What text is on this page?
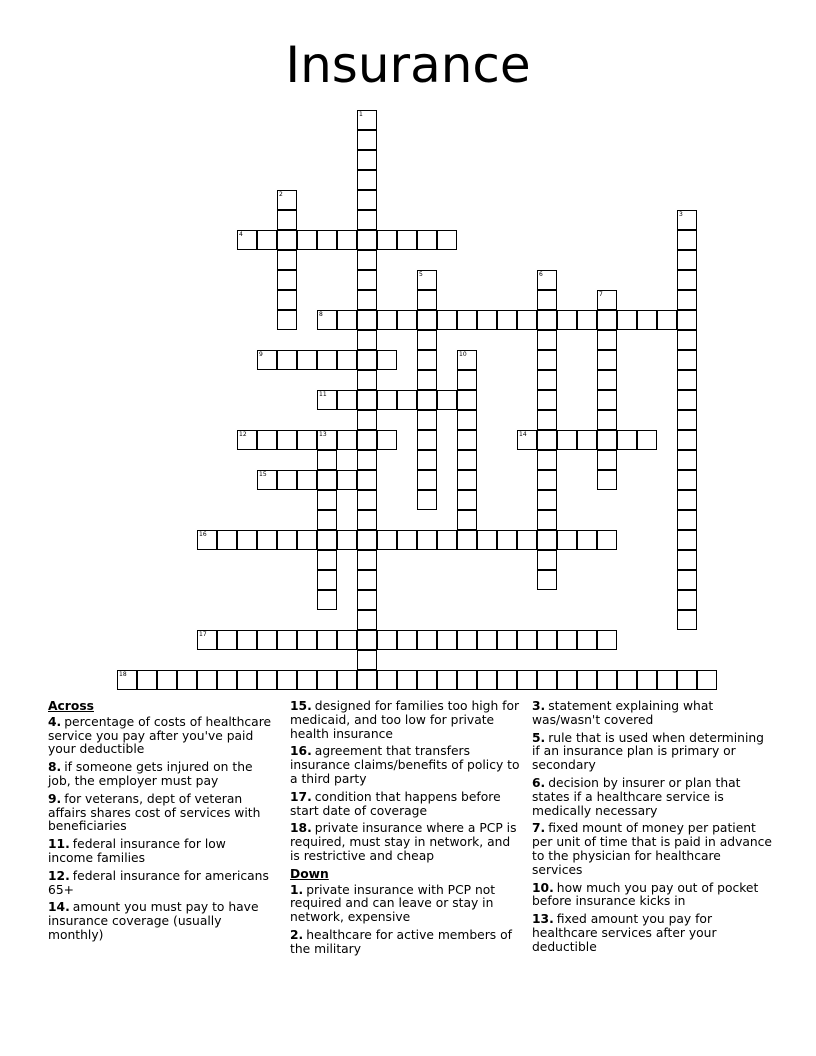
Insurance
1
2
3
4
5	6
7
8
9	10
11
12	13	14
15
16
17
18
Across
4. percentage of costs of healthcare service you pay after you've paid your deductible
8. if someone gets injured on the job, the employer must pay
9. for veterans, dept of veteran affairs shares cost of services with beneficiaries
11. federal insurance for low income families
12. federal insurance for americans 65+
14. amount you must pay to have insurance coverage (usually monthly)
15. designed for families too high for medicaid, and too low for private health insurance
16. agreement that transfers insurance claims/benefits of policy to a third party
17. condition that happens before start date of coverage
18. private insurance where a PCP is required, must stay in network, and is restrictive and cheap
Down
1. private insurance with PCP not required and can leave or stay in network, expensive
2. healthcare for active members of the military
3. statement explaining what was/wasn't covered
5. rule that is used when determining if an insurance plan is primary or secondary
6. decision by insurer or plan that states if a healthcare service is medically necessary
7. fixed mount of money per patient per unit of time that is paid in advance to the physician for healthcare services
10. how much you pay out of pocket before insurance kicks in
13. fixed amount you pay for healthcare services after your deductible
